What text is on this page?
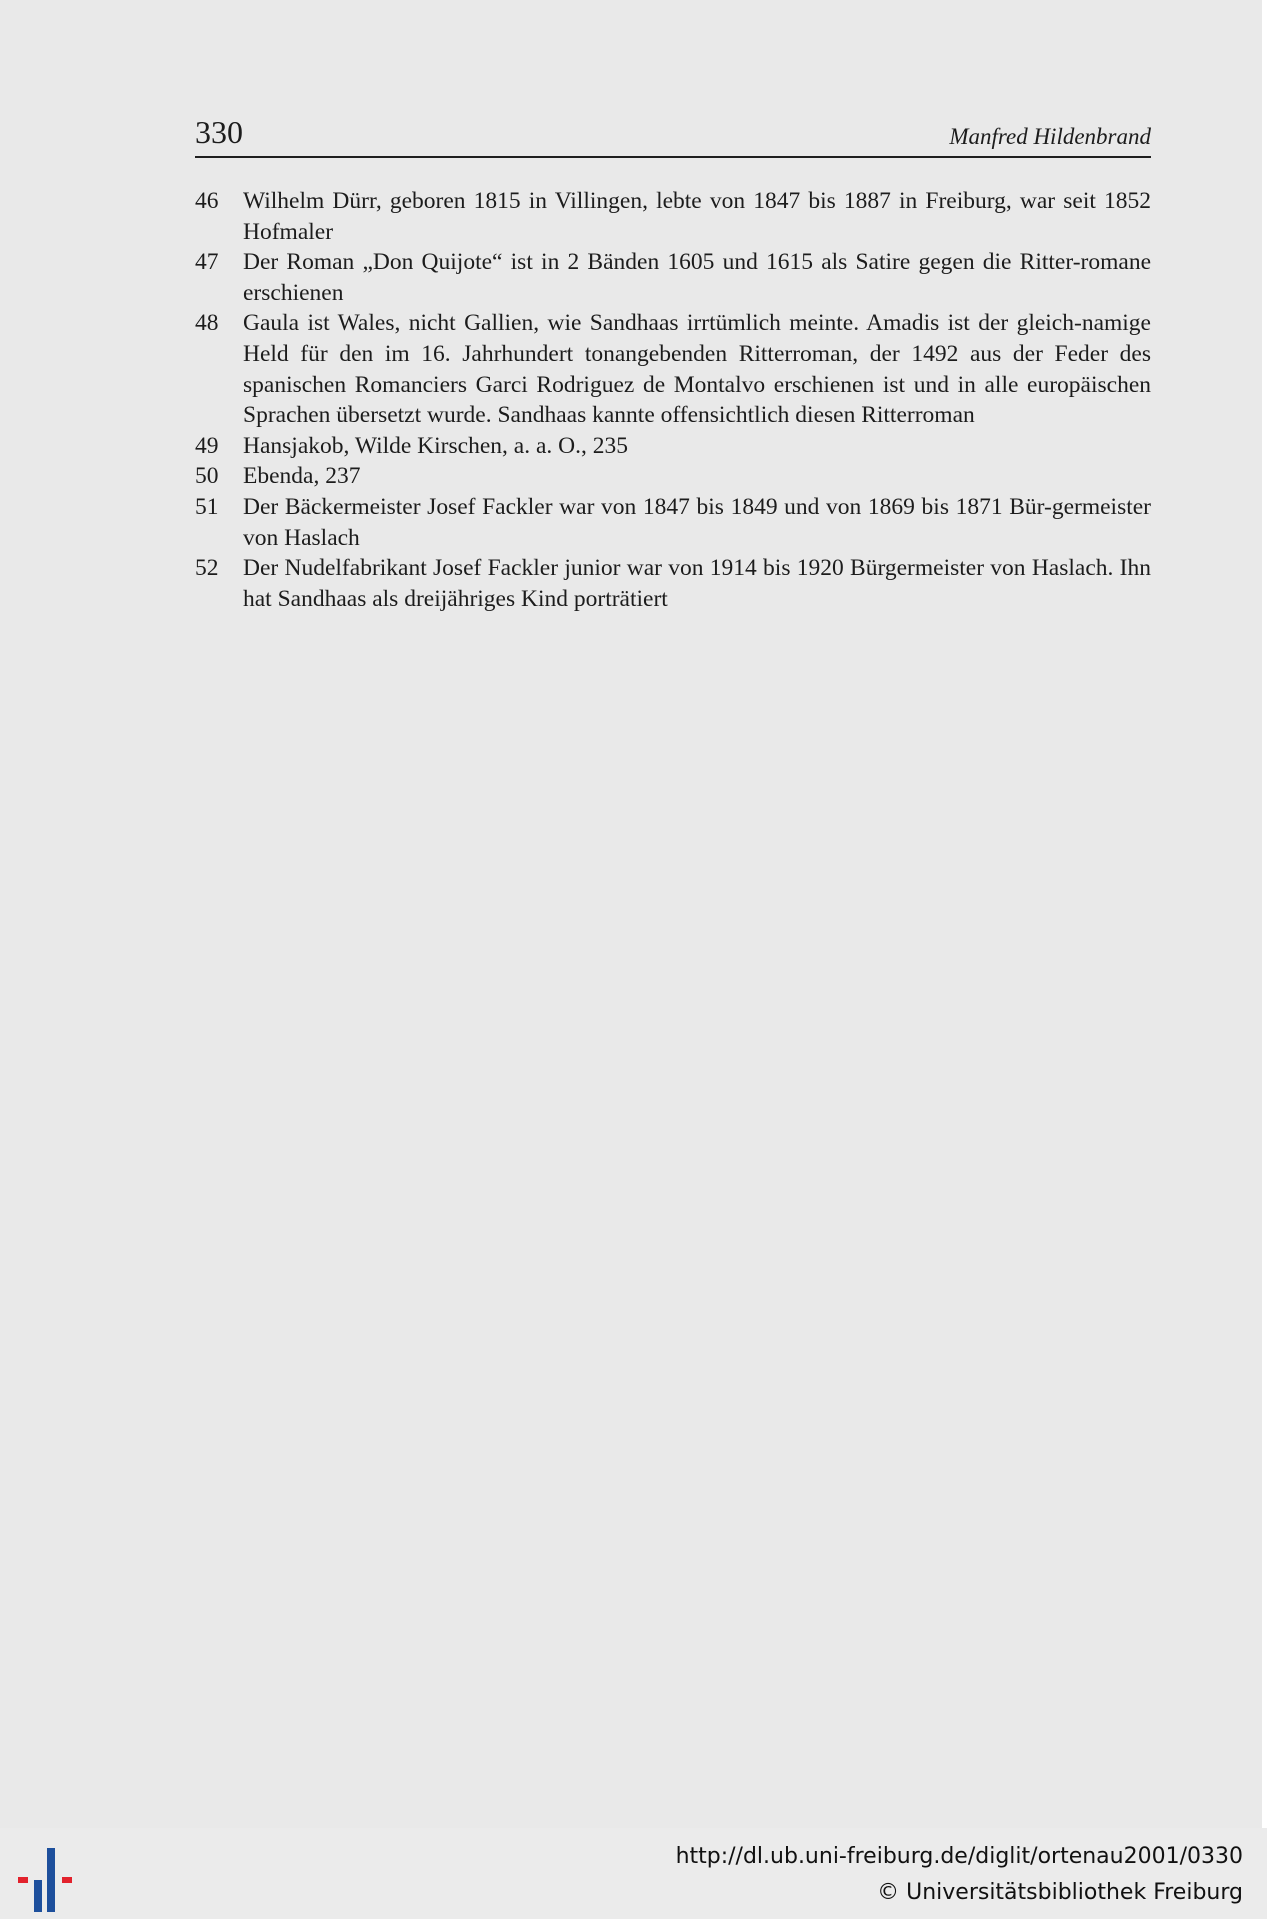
330	Manfred Hildenbrand
46 Wilhelm Dürr, geboren 1815 in Villingen, lebte von 1847 bis 1887 in Freiburg, war seit 1852 Hofmaler
47 Der Roman „Don Quijote“ ist in 2 Bänden 1605 und 1615 als Satire gegen die Ritter-romane erschienen
48 Gaula ist Wales, nicht Gallien, wie Sandhaas irrtümlich meinte. Amadis ist der gleich-namige Held für den im 16. Jahrhundert tonangebenden Ritterroman, der 1492 aus der Feder des spanischen Romanciers Garci Rodriguez de Montalvo erschienen ist und in alle europäischen Sprachen übersetzt wurde. Sandhaas kannte offensichtlich diesen Ritterroman
49 Hansjakob, Wilde Kirschen, a. a. O., 235
50 Ebenda, 237
51 Der Bäckermeister Josef Fackler war von 1847 bis 1849 und von 1869 bis 1871 Bür-germeister von Haslach
52 Der Nudelfabrikant Josef Fackler junior war von 1914 bis 1920 Bürgermeister von Haslach. Ihn hat Sandhaas als dreijähriges Kind porträtiert
http://dl.ub.uni-freiburg.de/diglit/ortenau2001/0330
© Universitätsbibliothek Freiburg
